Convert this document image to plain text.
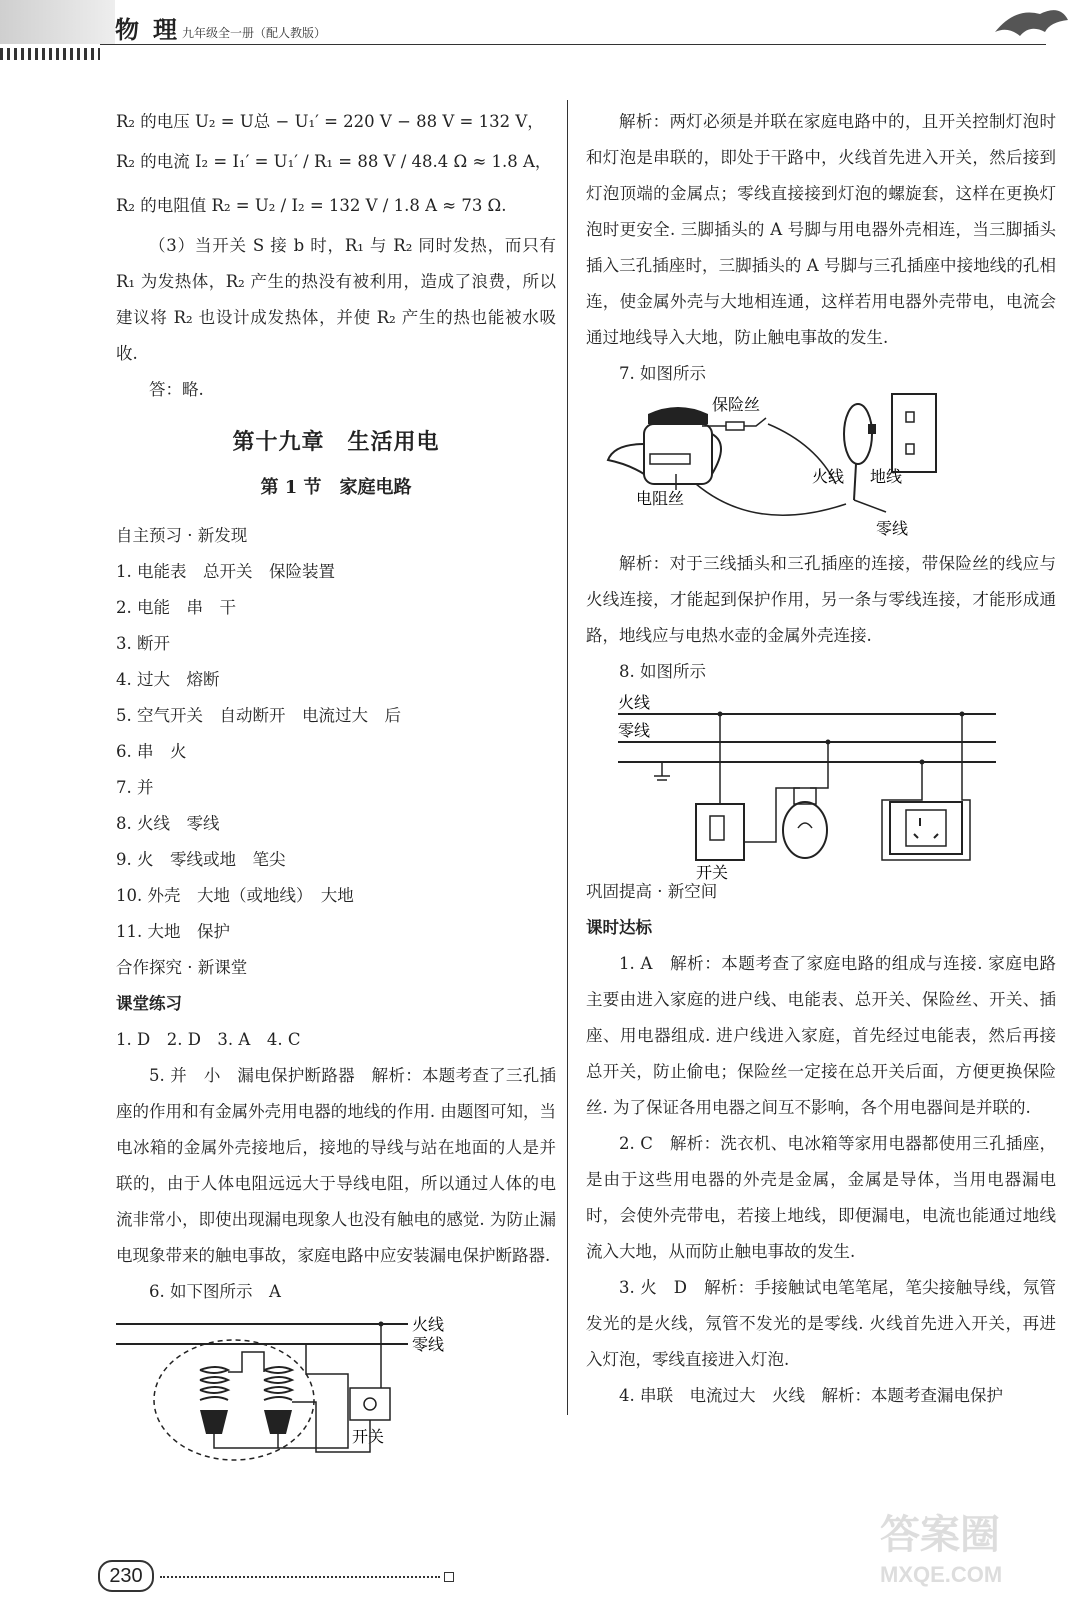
物理
九年级全一册（配人教版）

R₂ 的电压 U₂ = U总 − U₁′ = 220 V − 88 V = 132 V，

R₂ 的电流 I₂ = I₁′ = U₁′ / R₁ = 88 V / 48.4 Ω ≈ 1.8 A，

R₂ 的电阻值 R₂ = U₂ / I₂ = 132 V / 1.8 A ≈ 73 Ω.

（3）当开关 S 接 b 时，R₁ 与 R₂ 同时发热，而只有 R₁ 为发热体，R₂ 产生的热没有被利用，造成了浪费，所以建议将 R₂ 也设计成发热体，并使 R₂ 产生的热也能被水吸收.

答：略.

第十九章　生活用电

第 1 节　家庭电路

自主预习 · 新发现

1. 电能表　总开关　保险装置

2. 电能　串　干

3. 断开

4. 过大　熔断

5. 空气开关　自动断开　电流过大　后

6. 串　火

7. 并

8. 火线　零线

9. 火　零线或地　笔尖

10. 外壳　大地（或地线）　大地

11. 大地　保护

合作探究 · 新课堂

课堂练习

1. D　2. D　3. A　4. C

5. 并　小　漏电保护断路器　解析：本题考查了三孔插座的作用和有金属外壳用电器的地线的作用. 由题图可知，当电冰箱的金属外壳接地后，接地的导线与站在地面的人是并联的，由于人体电阻远远大于导线电阻，所以通过人体的电流非常小，即使出现漏电现象人也没有触电的感觉. 为防止漏电现象带来的触电事故，家庭电路中应安装漏电保护断路器.

6. 如下图所示　A

火线
零线
开关

解析：两灯必须是并联在家庭电路中的，且开关控制灯泡时和灯泡是串联的，即处于干路中，火线首先进入开关，然后接到灯泡顶端的金属点；零线直接接到灯泡的螺旋套，这样在更换灯泡时更安全. 三脚插头的 A 号脚与用电器外壳相连，当三脚插头插入三孔插座时，三脚插头的 A 号脚与三孔插座中接地线的孔相连，使金属外壳与大地相连通，这样若用电器外壳带电，电流会通过地线导入大地，防止触电事故的发生.

7. 如图所示

保险丝
电阻丝
火线 地线
零线

解析：对于三线插头和三孔插座的连接，带保险丝的线应与火线连接，才能起到保护作用，另一条与零线连接，才能形成通路，地线应与电热水壶的金属外壳连接.

8. 如图所示

火线
零线
开关

巩固提高 · 新空间

课时达标

1. A　解析：本题考查了家庭电路的组成与连接. 家庭电路主要由进入家庭的进户线、电能表、总开关、保险丝、开关、插座、用电器组成. 进户线进入家庭，首先经过电能表，然后再接总开关，防止偷电；保险丝一定接在总开关后面，方便更换保险丝. 为了保证各用电器之间互不影响，各个用电器间是并联的.

2. C　解析：洗衣机、电冰箱等家用电器都使用三孔插座，是由于这些用电器的外壳是金属，金属是导体，当用电器漏电时，会使外壳带电，若接上地线，即便漏电，电流也能通过地线流入大地，从而防止触电事故的发生.

3. 火　D　解析：手接触试电笔笔尾，笔尖接触导线，氖管发光的是火线，氖管不发光的是零线. 火线首先进入开关，再进入灯泡，零线直接进入灯泡.

4. 串联　电流过大　火线　解析：本题考查漏电保护

230
答案圈
MXQE.COM
